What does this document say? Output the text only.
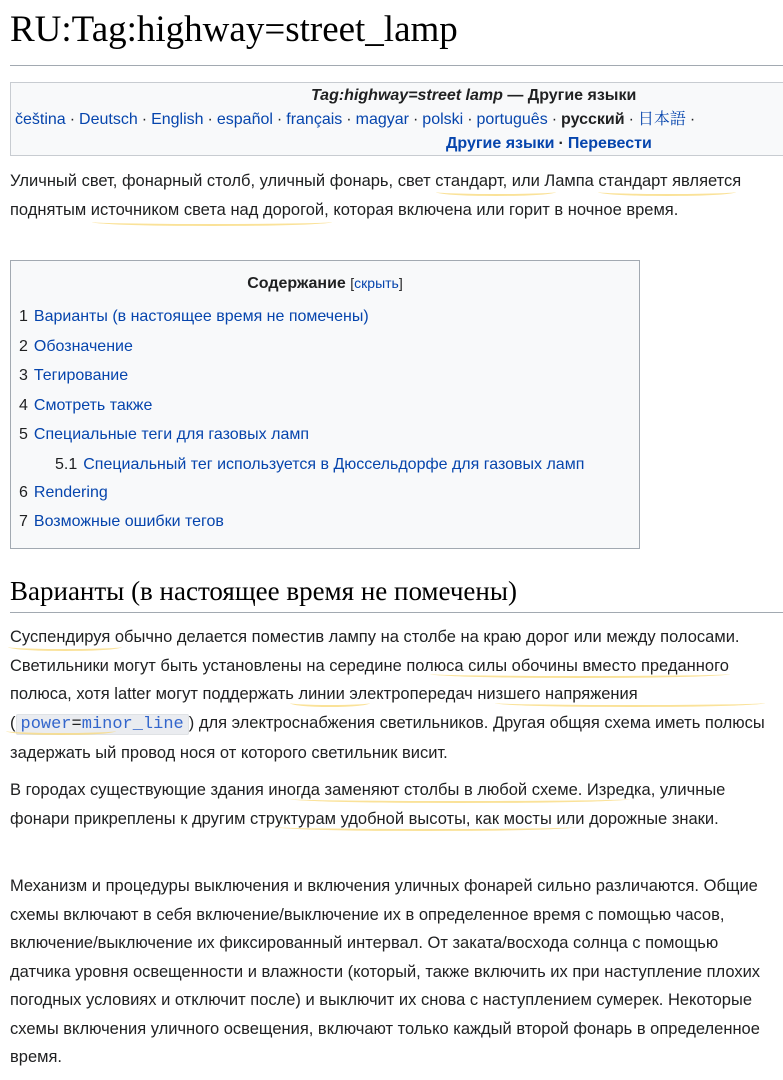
RU:Tag:highway=street_lamp
Tag:highway=street lamp — Другие языки
čeština · Deutsch · English · español · français · magyar · polski · português · русский · 日本語 ·
Другие языки · Перевести

Уличный свет, фонарный столб, уличный фонарь, свет стандарт, или Лампа стандарт является поднятым источником света над дорогой, которая включена или горит в ночное время.

Содержание [скрыть]
1 Варианты (в настоящее время не помечены)
2 Обозначение
3 Тегирование
4 Смотреть также
5 Специальные теги для газовых ламп
5.1 Специальный тег используется в Дюссельдорфе для газовых ламп
6 Rendering
7 Возможные ошибки тегов
Варианты (в настоящее время не помечены)

Суспендируя обычно делается поместив лампу на столбе на краю дорог или между полосами. Светильники могут быть установлены на середине полюса силы обочины вместо преданного полюса, хотя latter могут поддержать линии электропередач низшего напряжения ( power=minor_line ) для электроснабжения светильников. Другая общяя схема иметь полюсы задержать ый провод нося от которого светильник висит.

В городах существующие здания иногда заменяют столбы в любой схеме. Изредка, уличные фонари прикреплены к другим структурам удобной высоты, как мосты или дорожные знаки.

Механизм и процедуры выключения и включения уличных фонарей сильно различаются. Общие схемы включают в себя включение/выключение их в определенное время с помощью часов, включение/выключение их фиксированный интервал. От заката/восхода солнца с помощью датчика уровня освещенности и влажности (который, также включить их при наступление плохих погодных условиях и отключит после) и выключит их снова с наступлением сумерек. Некоторые схемы включения уличного освещения, включают только каждый второй фонарь в определенное время.
